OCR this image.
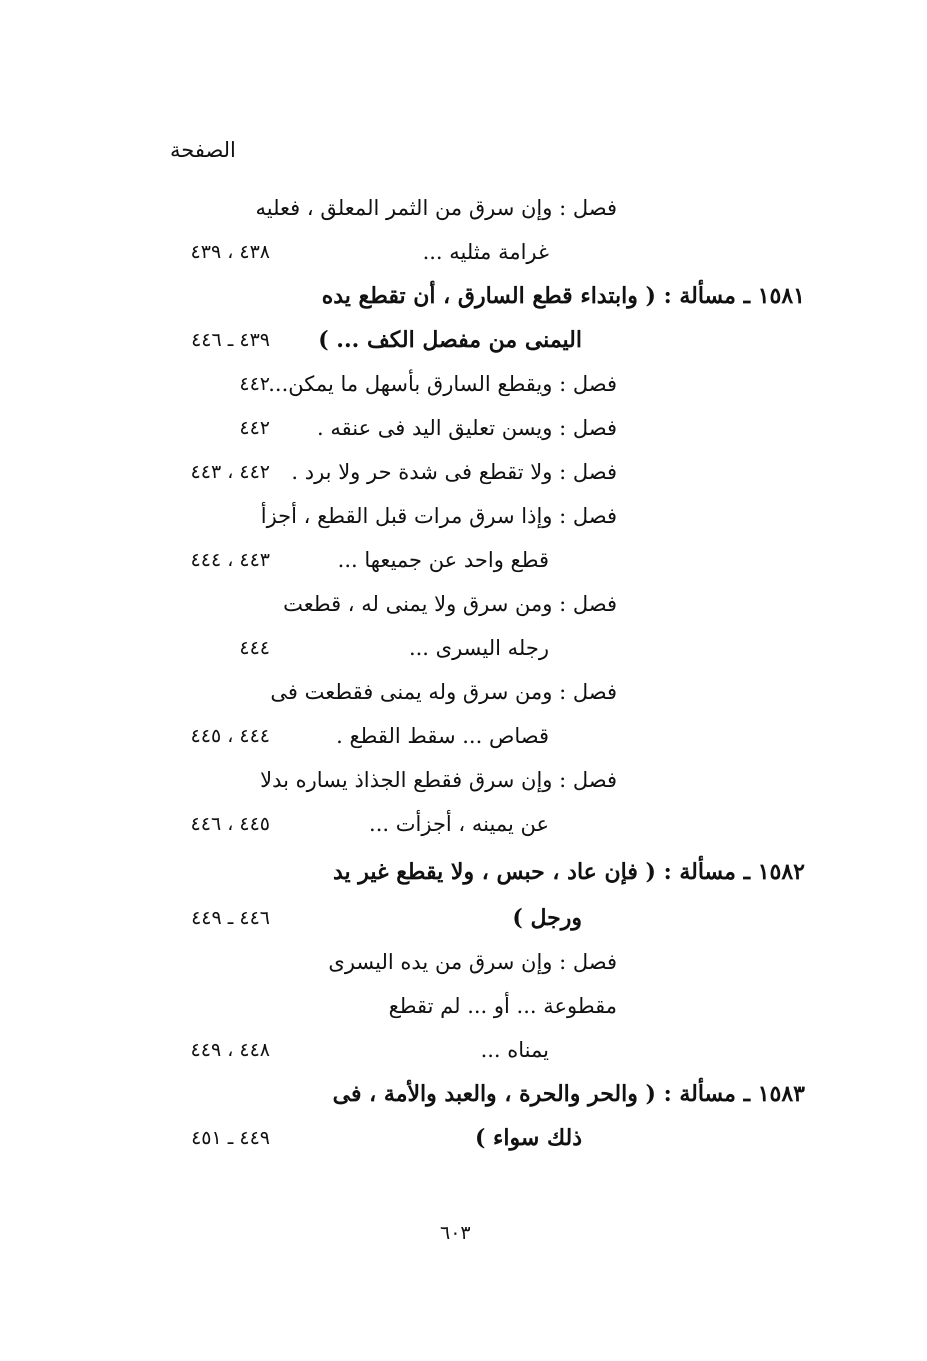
الصفحة
فصل : وإن سرق من الثمر المعلق ، فعليه
غرامة مثليه ...
٤٣٨ ، ٤٣٩
١٥٨١ ـ مسألة : ( وابتداء قطع السارق ، أن تقطع يده
اليمنى من مفصل الكف ... )
٤٣٩ ـ ٤٤٦
فصل : ويقطع السارق بأسهل ما يمكن...
٤٤٢
فصل : ويسن تعليق اليد فى عنقه .
٤٤٢
فصل : ولا تقطع فى شدة حر ولا برد .
٤٤٢ ، ٤٤٣
فصل : وإذا سرق مرات قبل القطع ، أجزأ
قطع واحد عن جميعها ...
٤٤٣ ، ٤٤٤
فصل : ومن سرق ولا يمنى له ، قطعت
رجله اليسرى ...
٤٤٤
فصل : ومن سرق وله يمنى فقطعت فى
قصاص ... سقط القطع .
٤٤٤ ، ٤٤٥
فصل : وإن سرق فقطع الجذاذ يساره بدلا
عن يمينه ، أجزأت ...
٤٤٥ ، ٤٤٦
١٥٨٢ ـ مسألة : ( فإن عاد ، حبس ، ولا يقطع غير يد
ورجل )
٤٤٦ ـ ٤٤٩
فصل : وإن سرق من يده اليسرى
مقطوعة ... أو ... لم تقطع
يمناه ...
٤٤٨ ، ٤٤٩
١٥٨٣ ـ مسألة : ( والحر والحرة ، والعبد والأمة ، فى
ذلك سواء )
٤٤٩ ـ ٤٥١
٦٠٣
